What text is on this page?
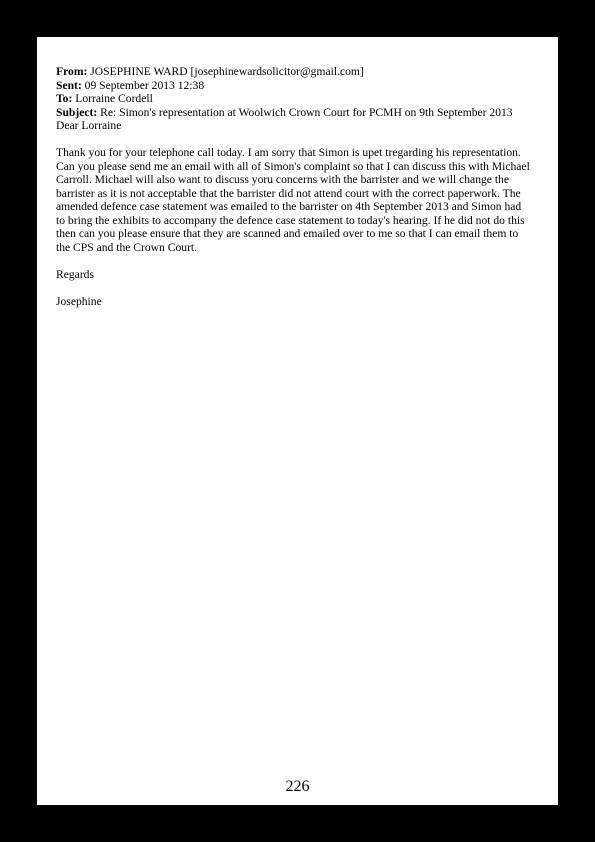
From: JOSEPHINE WARD [josephinewardsolicitor@gmail.com]
Sent: 09 September 2013 12:38
To: Lorraine Cordell
Subject: Re: Simon's representation at Woolwich Crown Court for PCMH on 9th September 2013
Dear Lorraine
Thank you for your telephone call today. I am sorry that Simon is upet tregarding his representation.
Can you please send me an email with all of Simon's complaint so that I can discuss this with Michael
Carroll. Michael will also want to discuss yoru concerns with the barrister and we will change the
barrister as it is not acceptable that the barrister did not attend court with the correct paperwork. The
amended defence case statement was emailed to the barrister on 4th September 2013 and Simon had
to bring the exhibits to accompany the defence case statement to today's hearing. If he did not do this
then can you please ensure that they are scanned and emailed over to me so that I can email them to
the CPS and the Crown Court.
Regards
Josephine
226
